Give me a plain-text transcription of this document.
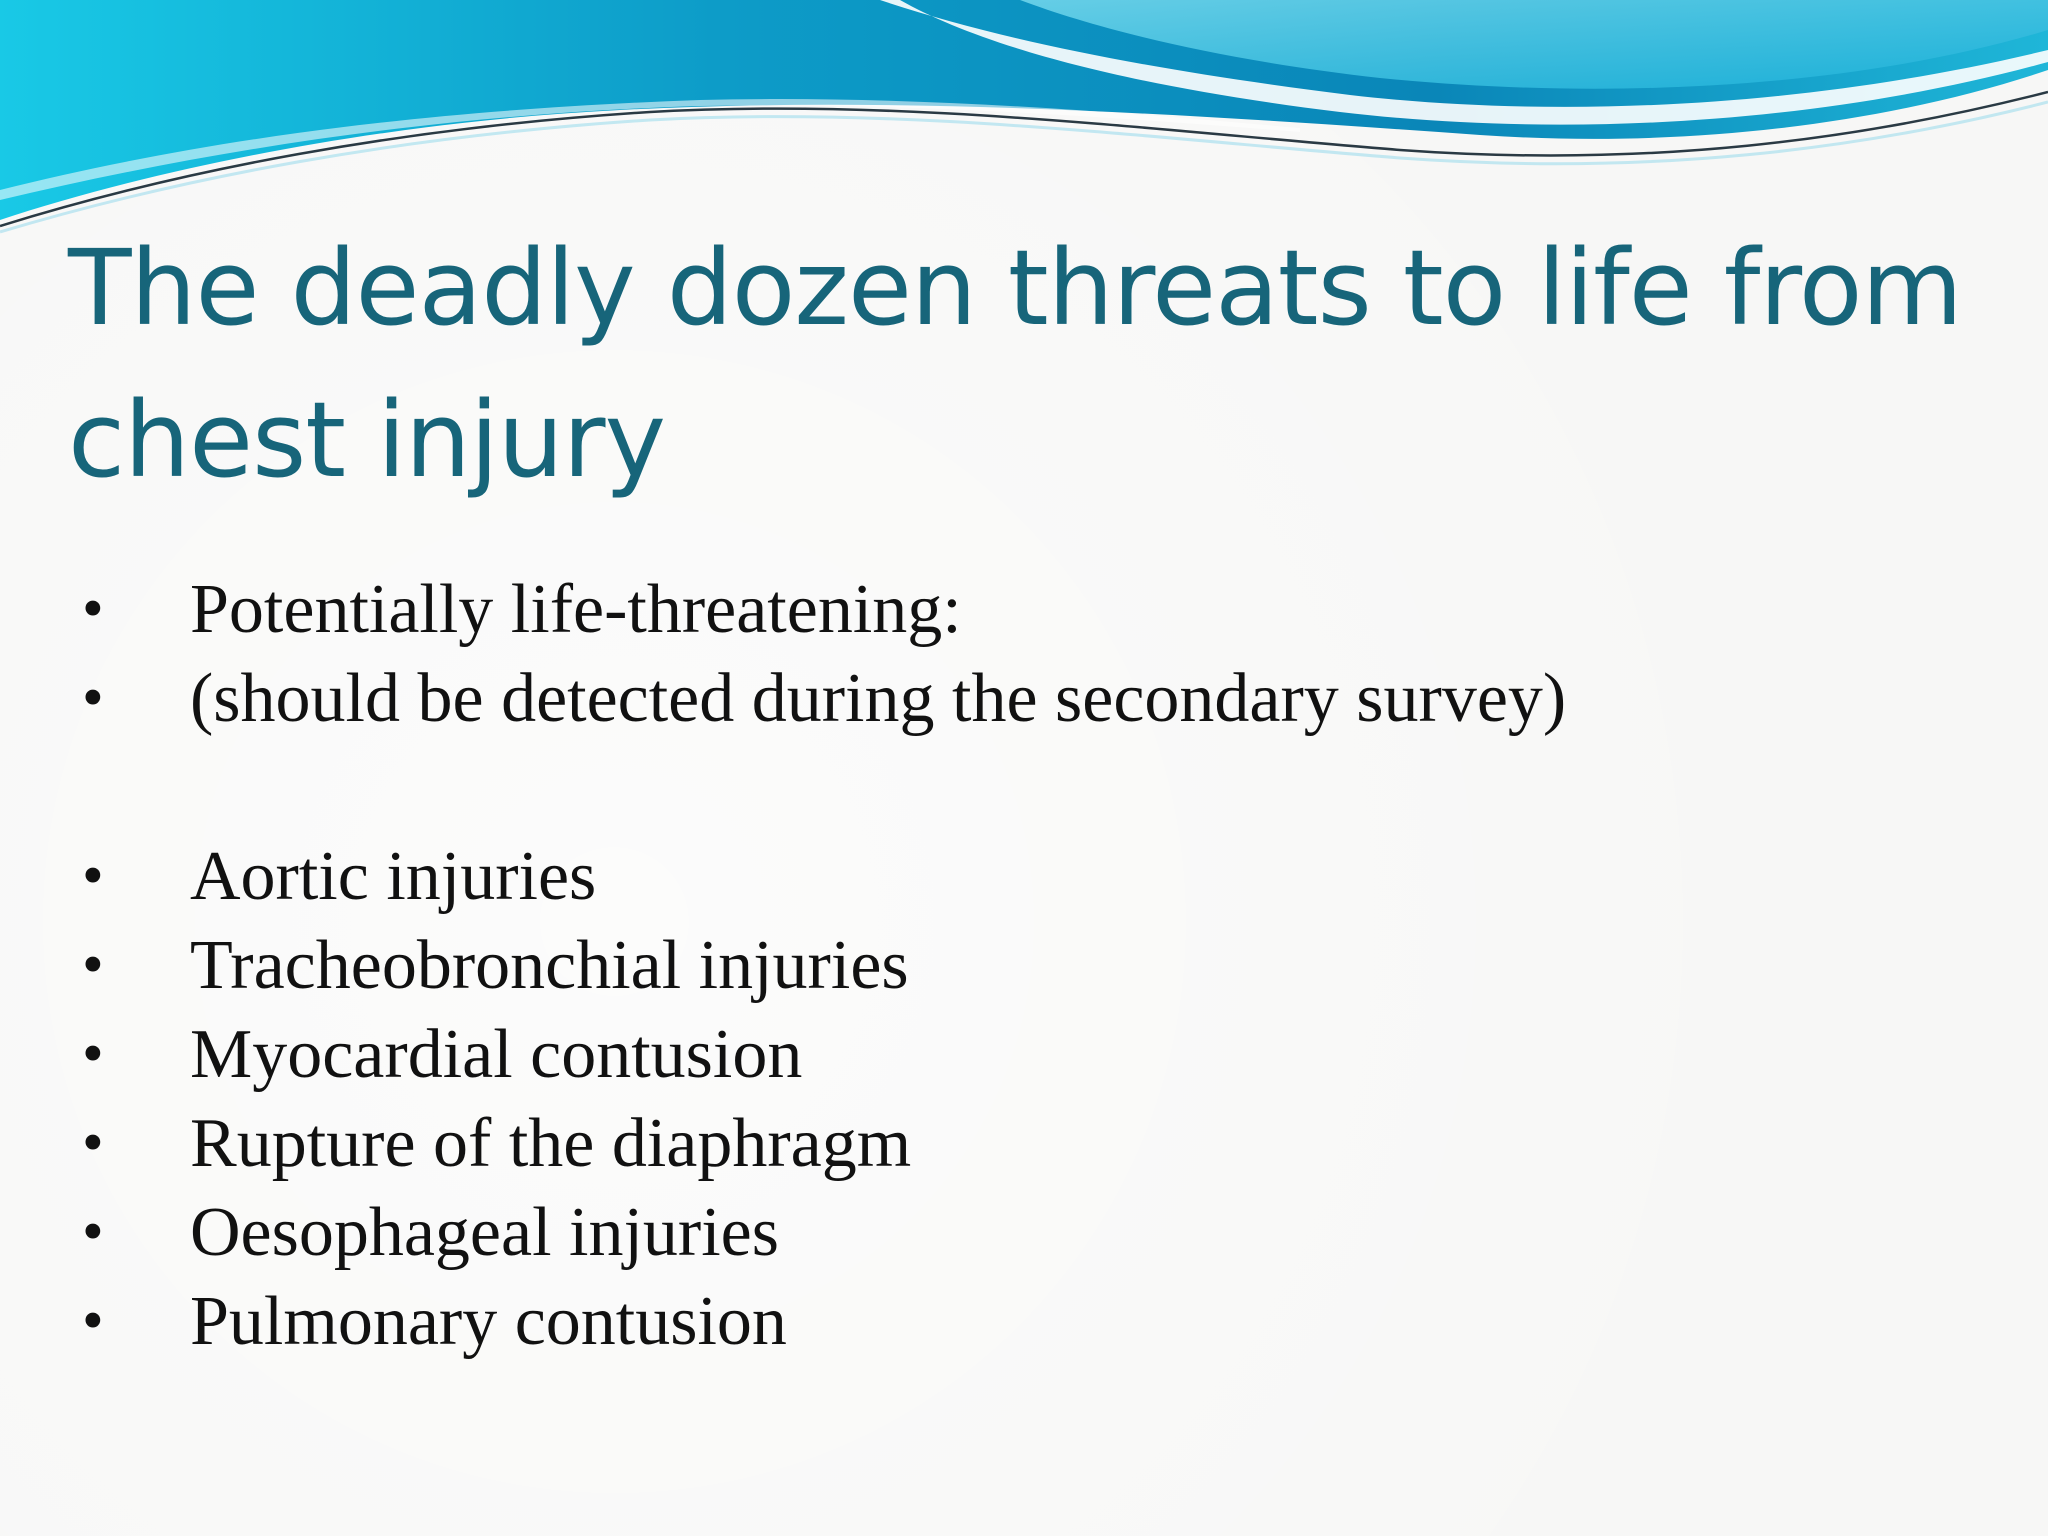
The deadly dozen threats to life from chest injury
• Potentially life-threatening:
• (should be detected during the secondary survey)
• Aortic injuries
• Tracheobronchial injuries
• Myocardial contusion
• Rupture of the diaphragm
• Oesophageal injuries
• Pulmonary contusion
